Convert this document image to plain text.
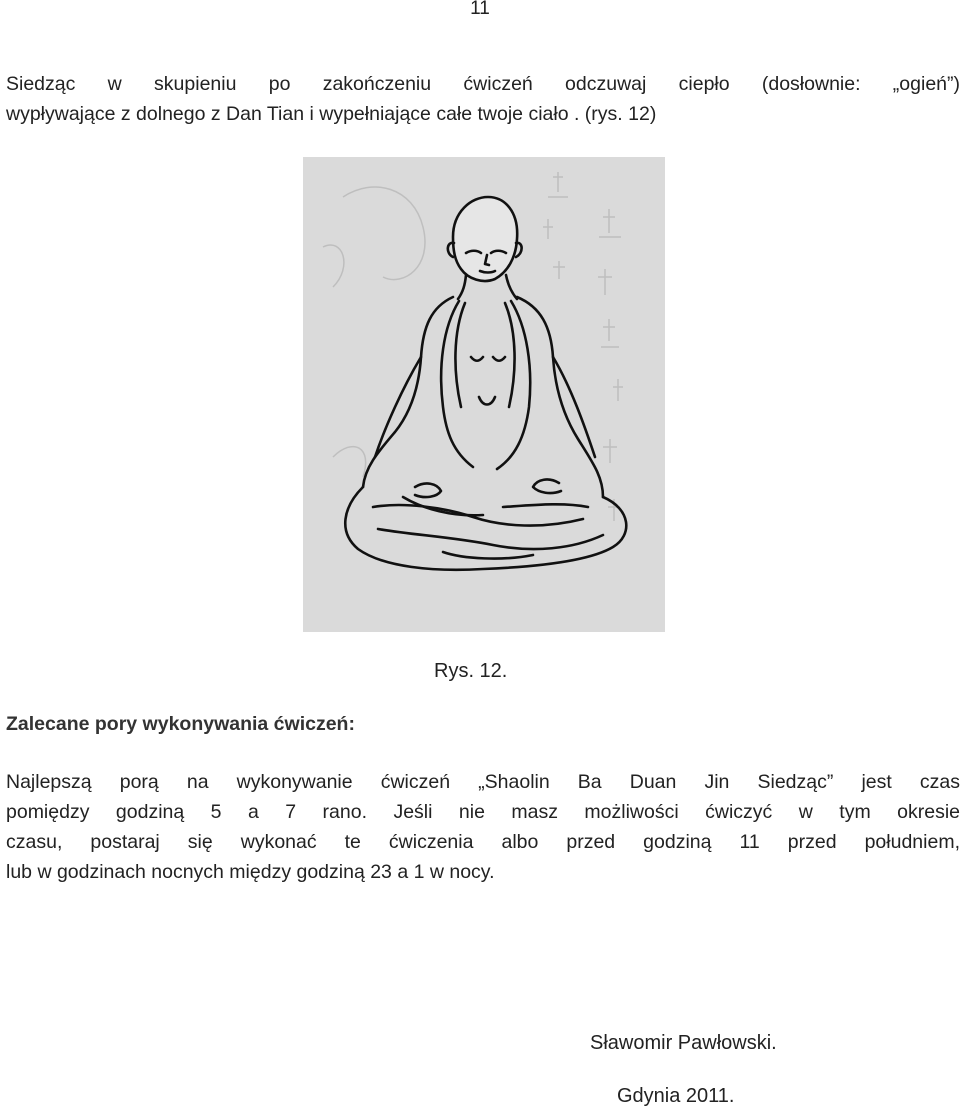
11
Siedząc w skupieniu po zakończeniu ćwiczeń odczuwaj ciepło (dosłownie: „ogień”)
wypływające z dolnego z Dan Tian i wypełniające całe twoje ciało . (rys. 12)
Rys. 12.
Zalecane pory wykonywania ćwiczeń:
Najlepszą porą na wykonywanie ćwiczeń „Shaolin Ba Duan Jin Siedząc” jest czas
pomiędzy godziną 5 a 7 rano. Jeśli nie masz możliwości ćwiczyć w tym okresie
czasu, postaraj się wykonać te ćwiczenia albo przed godziną 11 przed południem,
lub w godzinach nocnych między godziną 23 a 1 w nocy.
Sławomir Pawłowski.
Gdynia 2011.
